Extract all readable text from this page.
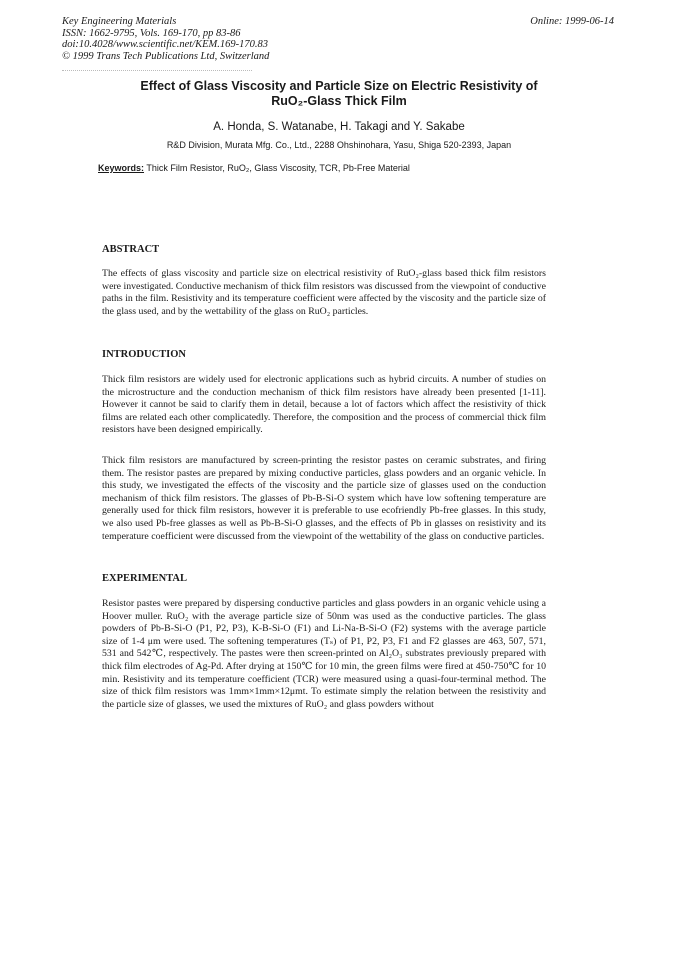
Key Engineering Materials
ISSN: 1662-9795, Vols. 169-170, pp 83-86
doi:10.4028/www.scientific.net/KEM.169-170.83
© 1999 Trans Tech Publications Ltd, Switzerland
Online: 1999-06-14
Effect of Glass Viscosity and Particle Size on Electric Resistivity of
RuO₂-Glass Thick Film
A. Honda, S. Watanabe, H. Takagi and Y. Sakabe
R&D Division, Murata Mfg. Co., Ltd., 2288 Ohshinohara, Yasu, Shiga 520-2393, Japan
Keywords: Thick Film Resistor, RuO₂, Glass Viscosity, TCR, Pb-Free Material
ABSTRACT
The effects of glass viscosity and particle size on electrical resistivity of RuO₂-glass based thick film resistors were investigated. Conductive mechanism of thick film resistors was discussed from the viewpoint of conductive paths in the film. Resistivity and its temperature coefficient were affected by the viscosity and the particle size of the glass used, and by the wettability of the glass on RuO₂ particles.
INTRODUCTION
Thick film resistors are widely used for electronic applications such as hybrid circuits. A number of studies on the microstructure and the conduction mechanism of thick film resistors have already been presented [1-11]. However it cannot be said to clarify them in detail, because a lot of factors which affect the resistivity of thick films are related each other complicatedly. Therefore, the composition and the process of commercial thick film resistors have been designed empirically.
Thick film resistors are manufactured by screen-printing the resistor pastes on ceramic substrates, and firing them. The resistor pastes are prepared by mixing conductive particles, glass powders and an organic vehicle. In this study, we investigated the effects of the viscosity and the particle size of glasses used on the conduction mechanism of thick film resistors. The glasses of Pb-B-Si-O system which have low softening temperature are generally used for thick film resistors, however it is preferable to use ecofriendly Pb-free glasses. In this study, we also used Pb-free glasses as well as Pb-B-Si-O glasses, and the effects of Pb in glasses on resistivity and its temperature coefficient were discussed from the viewpoint of the wettability of the glass on conductive particles.
EXPERIMENTAL
Resistor pastes were prepared by dispersing conductive particles and glass powders in an organic vehicle using a Hoover muller. RuO₂ with the average particle size of 50nm was used as the conductive particles. The glass powders of Pb-B-Si-O (P1, P2, P3), K-B-Si-O (F1) and Li-Na-B-Si-O (F2) systems with the average particle size of 1-4 μm were used. The softening temperatures (Tₛ) of P1, P2, P3, F1 and F2 glasses are 463, 507, 571, 531 and 542℃, respectively. The pastes were then screen-printed on Al₂O₃ substrates previously prepared with thick film electrodes of Ag-Pd. After drying at 150℃ for 10 min, the green films were fired at 450-750℃ for 10 min. Resistivity and its temperature coefficient (TCR) were measured using a quasi-four-terminal method. The size of thick film resistors was 1mm×1mm×12μmt. To estimate simply the relation between the resistivity and the particle size of glasses, we used the mixtures of RuO₂ and glass powders without
